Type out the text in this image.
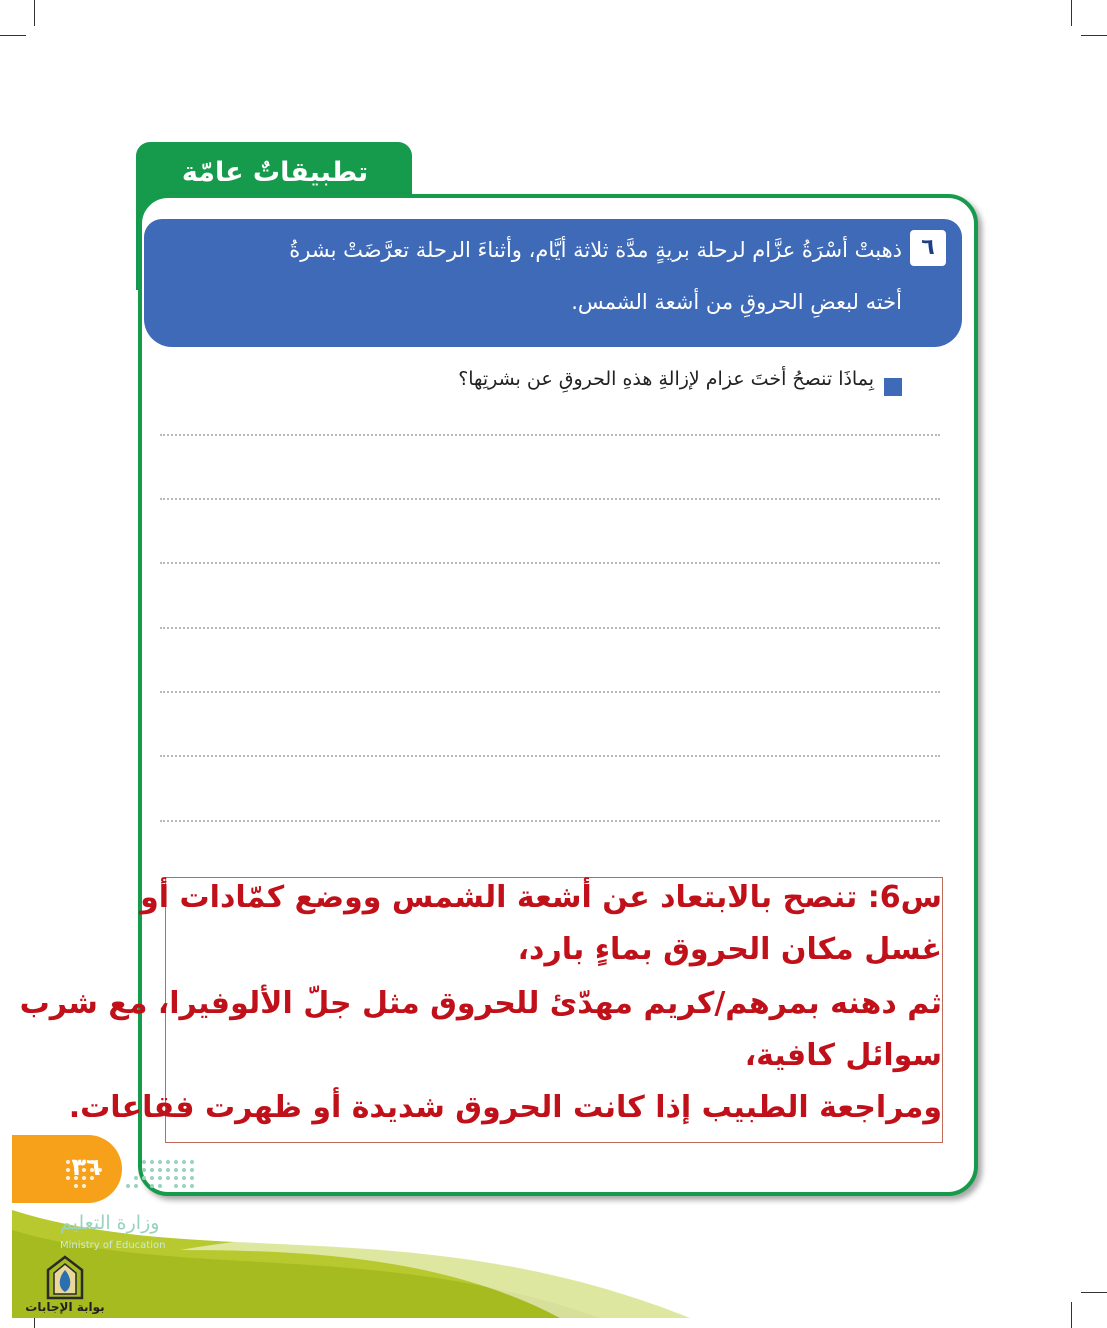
تطبيقاتٌ عامّة
٦
ذهبتْ أسْرَةُ عزَّام لرحلة بريةٍ مدَّة ثلاثة أيَّام، وأثناءَ الرحلة تعرَّضَتْ بشرةُ
أخته لبعضِ الحروقِ من أشعة الشمس.
بِماذَا تنصحُ أختَ عزام لإزالةِ هذهِ الحروقِ عن بشرتِها؟
س6: تنصح بالابتعاد عن أشعة الشمس ووضع كمّادات أو
غسل مكان الحروق بماءٍ بارد،
ثم دهنه بمرهم/كريم مهدّئ للحروق مثل جلّ الألوفيرا، مع شرب
سوائل كافية،
ومراجعة الطبيب إذا كانت الحروق شديدة أو ظهرت فقاعات.
٣٦
وزارة التعليم
Ministry of Education
بوابة الإجابات
